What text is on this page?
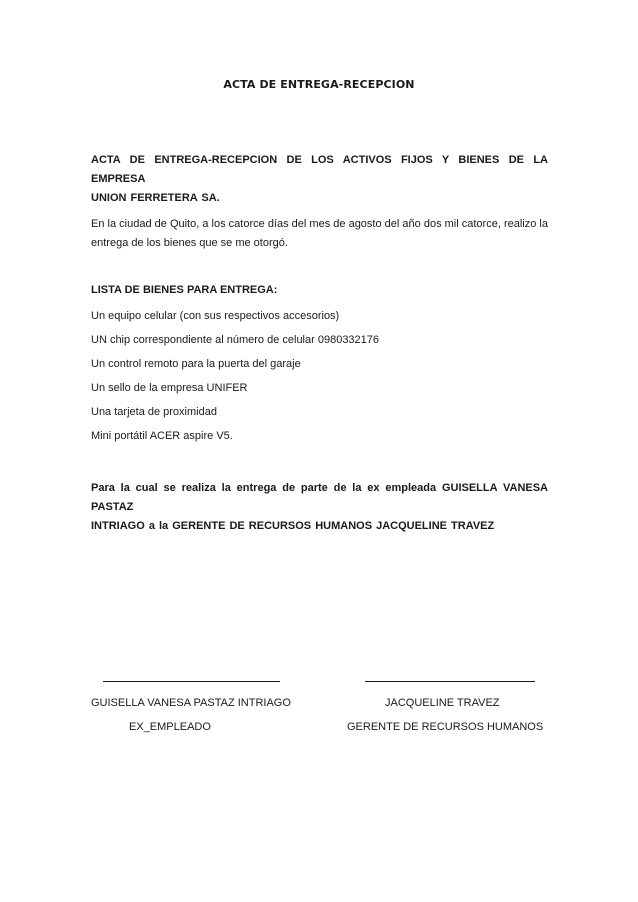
ACTA DE ENTREGA-RECEPCION
ACTA DE ENTREGA-RECEPCION DE LOS ACTIVOS FIJOS Y BIENES DE LA EMPRESA
UNION FERRETERA SA.
En la ciudad de Quito, a los catorce días del mes de agosto del año dos mil catorce, realizo la
entrega de los bienes que se me otorgó.
LISTA DE BIENES PARA ENTREGA:
Un equipo celular (con sus respectivos accesorios)
UN chip correspondiente al número de celular 0980332176
Un control remoto para la puerta del garaje
Un sello de la empresa UNIFER
Una tarjeta de proximidad
Mini portátil ACER aspire V5.
Para la cual se realiza la entrega de parte de la ex empleada GUISELLA VANESA PASTAZ
INTRIAGO a la GERENTE DE RECURSOS HUMANOS JACQUELINE TRAVEZ
GUISELLA VANESA PASTAZ INTRIAGO
EX_EMPLEADO
JACQUELINE TRAVEZ
GERENTE DE RECURSOS HUMANOS
